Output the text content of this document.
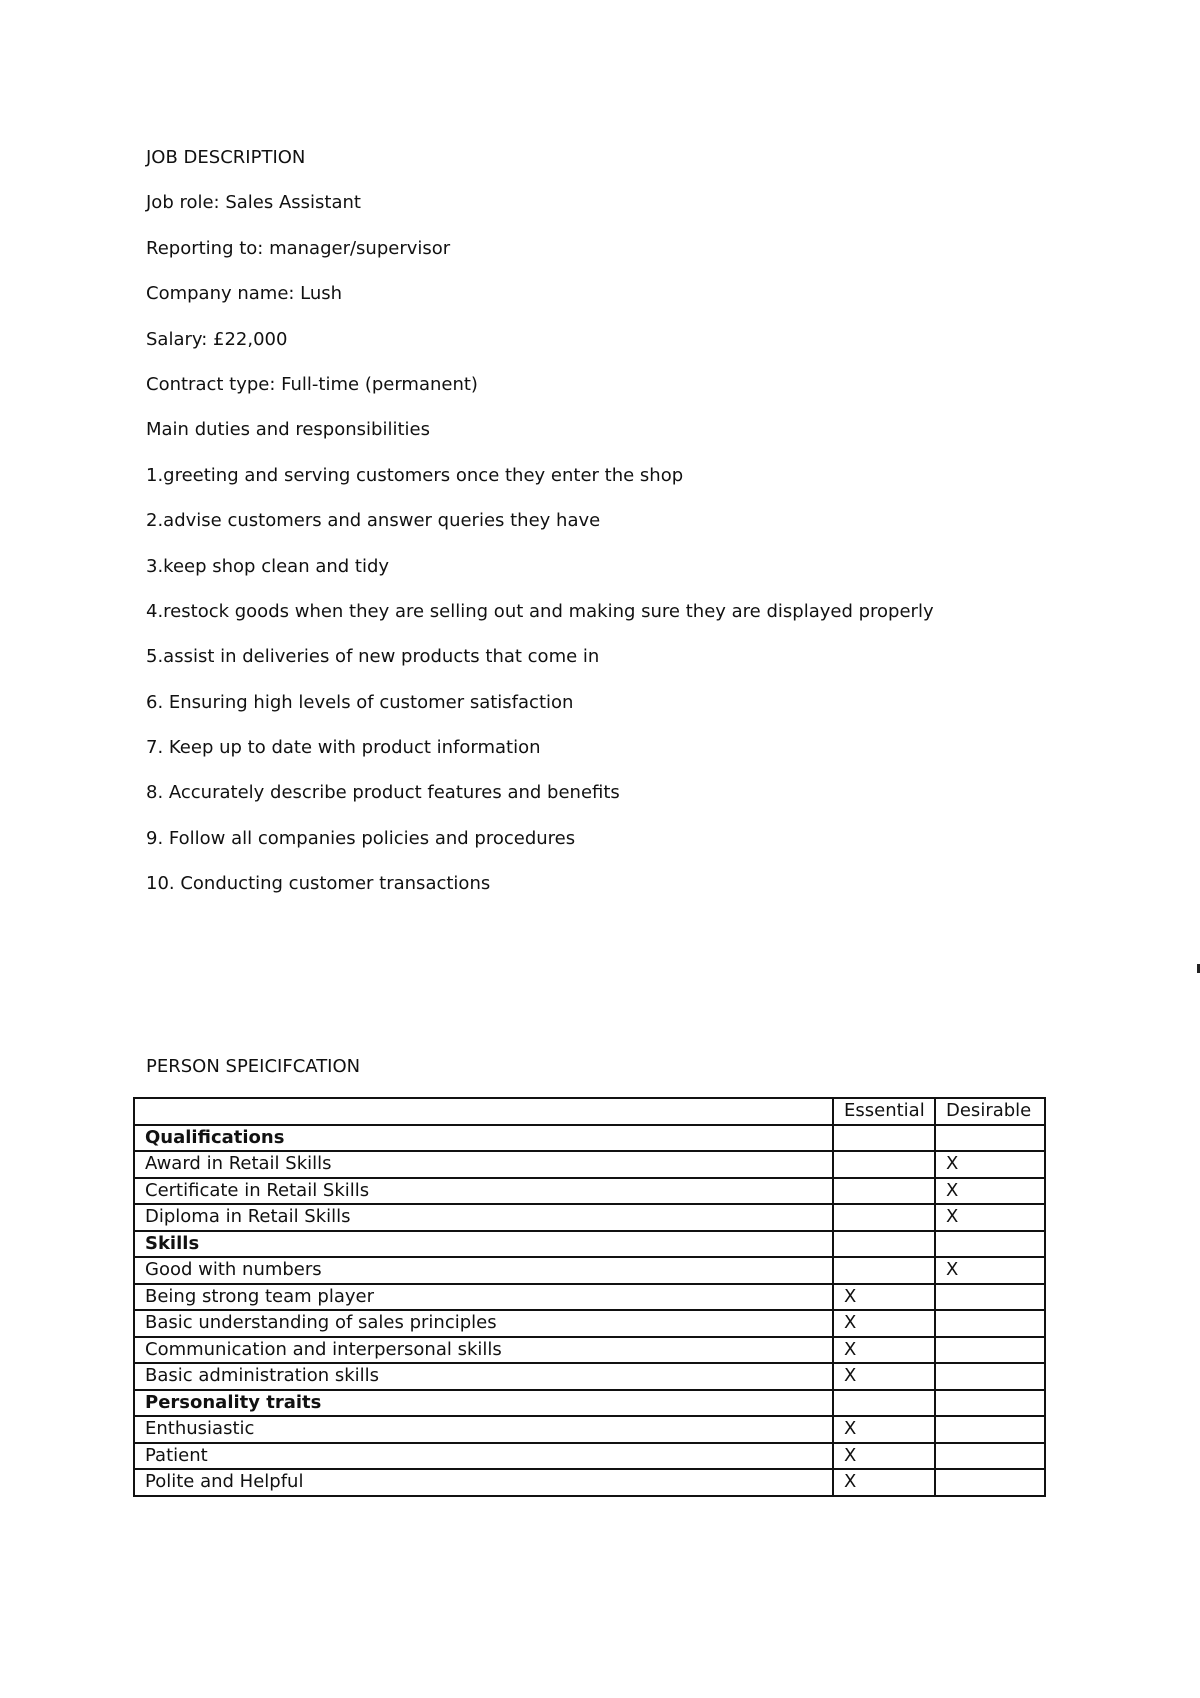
JOB DESCRIPTION
Job role: Sales Assistant
Reporting to: manager/supervisor
Company name: Lush
Salary: £22,000
Contract type: Full-time (permanent)
Main duties and responsibilities
1.greeting and serving customers once they enter the shop
2.advise customers and answer queries they have
3.keep shop clean and tidy
4.restock goods when they are selling out and making sure they are displayed properly
5.assist in deliveries of new products that come in
6. Ensuring high levels of customer satisfaction
7. Keep up to date with product information
8. Accurately describe product features and benefits
9. Follow all companies policies and procedures
10. Conducting customer transactions
PERSON SPEICIFCATION
	Essential	Desirable
Qualifications		
Award in Retail Skills		X
Certificate in Retail Skills		X
Diploma in Retail Skills		X
Skills		
Good with numbers		X
Being strong team player	X	
Basic understanding of sales principles	X	
Communication and interpersonal skills	X	
Basic administration skills	X	
Personality traits		
Enthusiastic	X	
Patient	X	
Polite and Helpful	X	
